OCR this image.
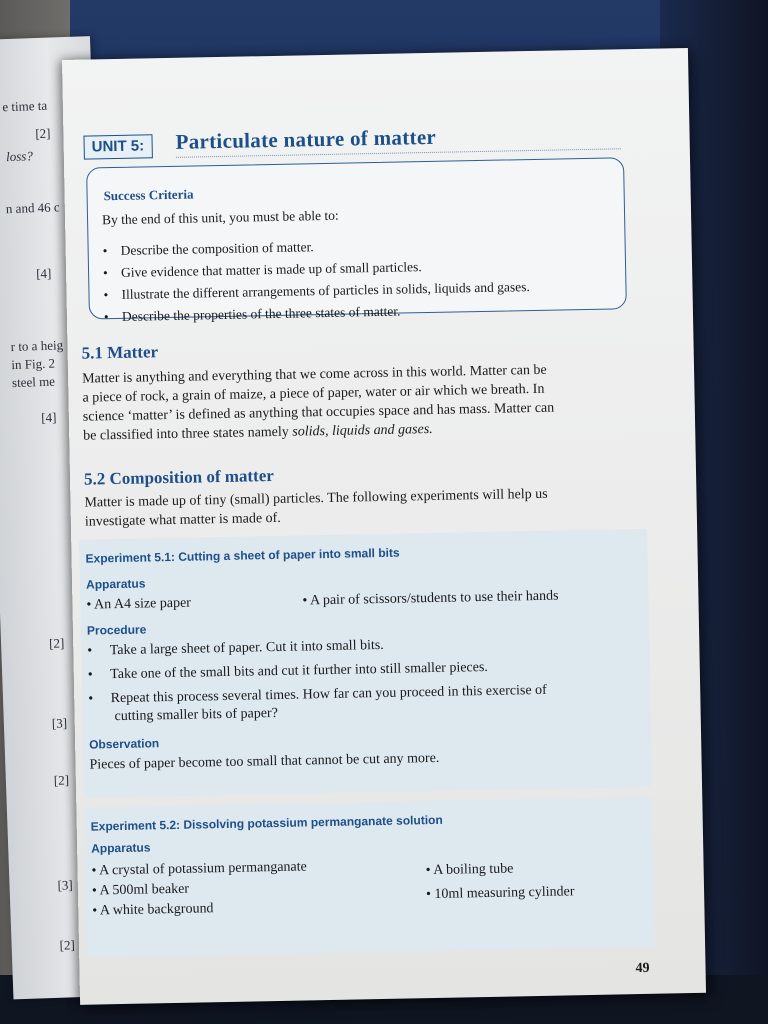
e time ta
[2]
loss?
n and 46 c
[4]
r to a heig
in Fig. 2
steel me
[4]
[2]
[3]
[2]
[3]
[2]
UNIT 5:	Particulate nature of matter
Success Criteria
By the end of this unit, you must be able to:
• Describe the composition of matter.
• Give evidence that matter is made up of small particles.
• Illustrate the different arrangements of particles in solids, liquids and gases.
• Describe the properties of the three states of matter.
5.1 Matter
Matter is anything and everything that we come across in this world. Matter can be
a piece of rock, a grain of maize, a piece of paper, water or air which we breath. In
science ‘matter’ is defined as anything that occupies space and has mass. Matter can
be classified into three states namely solids, liquids and gases.
5.2 Composition of matter
Matter is made up of tiny (small) particles. The following experiments will help us
investigate what matter is made of.
Experiment 5.1: Cutting a sheet of paper into small bits
Apparatus
• An A4 size paper	• A pair of scissors/students to use their hands
Procedure
•     Take a large sheet of paper. Cut it into small bits.
•     Take one of the small bits and cut it further into still smaller pieces.
•     Repeat this process several times. How far can you proceed in this exercise of
cutting smaller bits of paper?
Observation
Pieces of paper become too small that cannot be cut any more.
Experiment 5.2: Dissolving potassium permanganate solution
Apparatus
• A crystal of potassium permanganate
• A 500ml beaker
• A white background
• A boiling tube
• 10ml measuring cylinder
49
